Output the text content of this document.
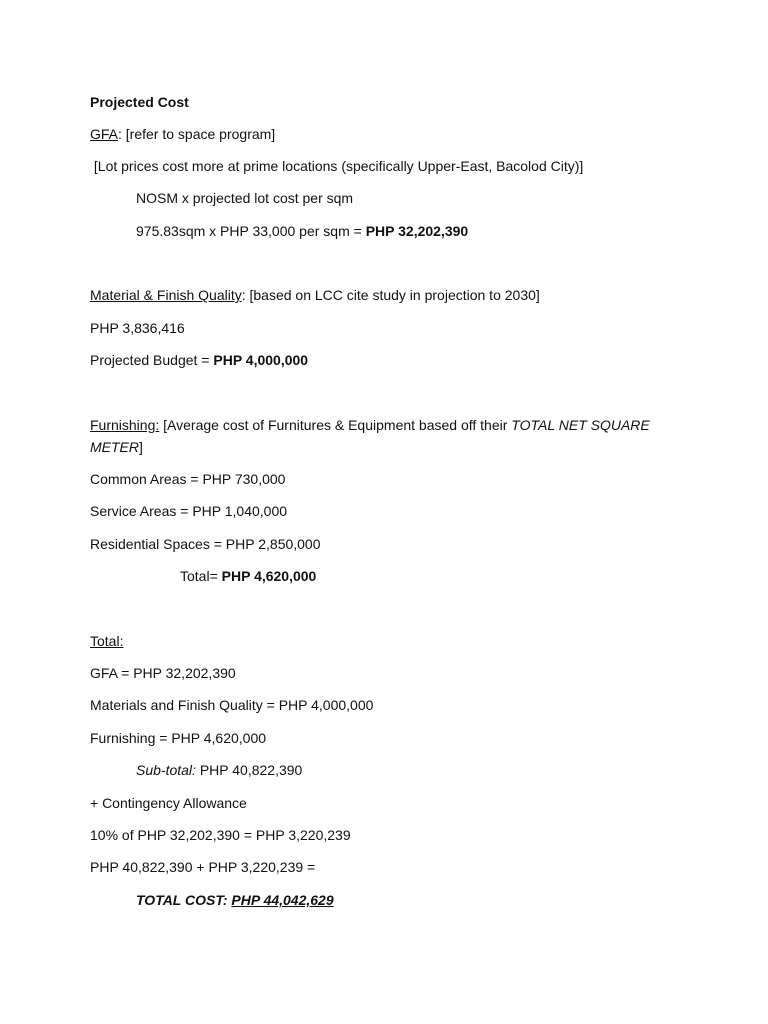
Projected Cost
GFA: [refer to space program]
[Lot prices cost more at prime locations (specifically Upper-East, Bacolod City)]
NOSM x projected lot cost per sqm
975.83sqm x PHP 33,000 per sqm = PHP 32,202,390
Material & Finish Quality: [based on LCC cite study in projection to 2030]
PHP 3,836,416
Projected Budget = PHP 4,000,000
Furnishing: [Average cost of Furnitures & Equipment based off their TOTAL NET SQUARE
METER]
Common Areas = PHP 730,000
Service Areas = PHP 1,040,000
Residential Spaces = PHP 2,850,000
Total= PHP 4,620,000
Total:
GFA = PHP 32,202,390
Materials and Finish Quality = PHP 4,000,000
Furnishing = PHP 4,620,000
Sub-total: PHP 40,822,390
+ Contingency Allowance
10% of PHP 32,202,390 = PHP 3,220,239
PHP 40,822,390 + PHP 3,220,239 =
TOTAL COST: PHP 44,042,629
